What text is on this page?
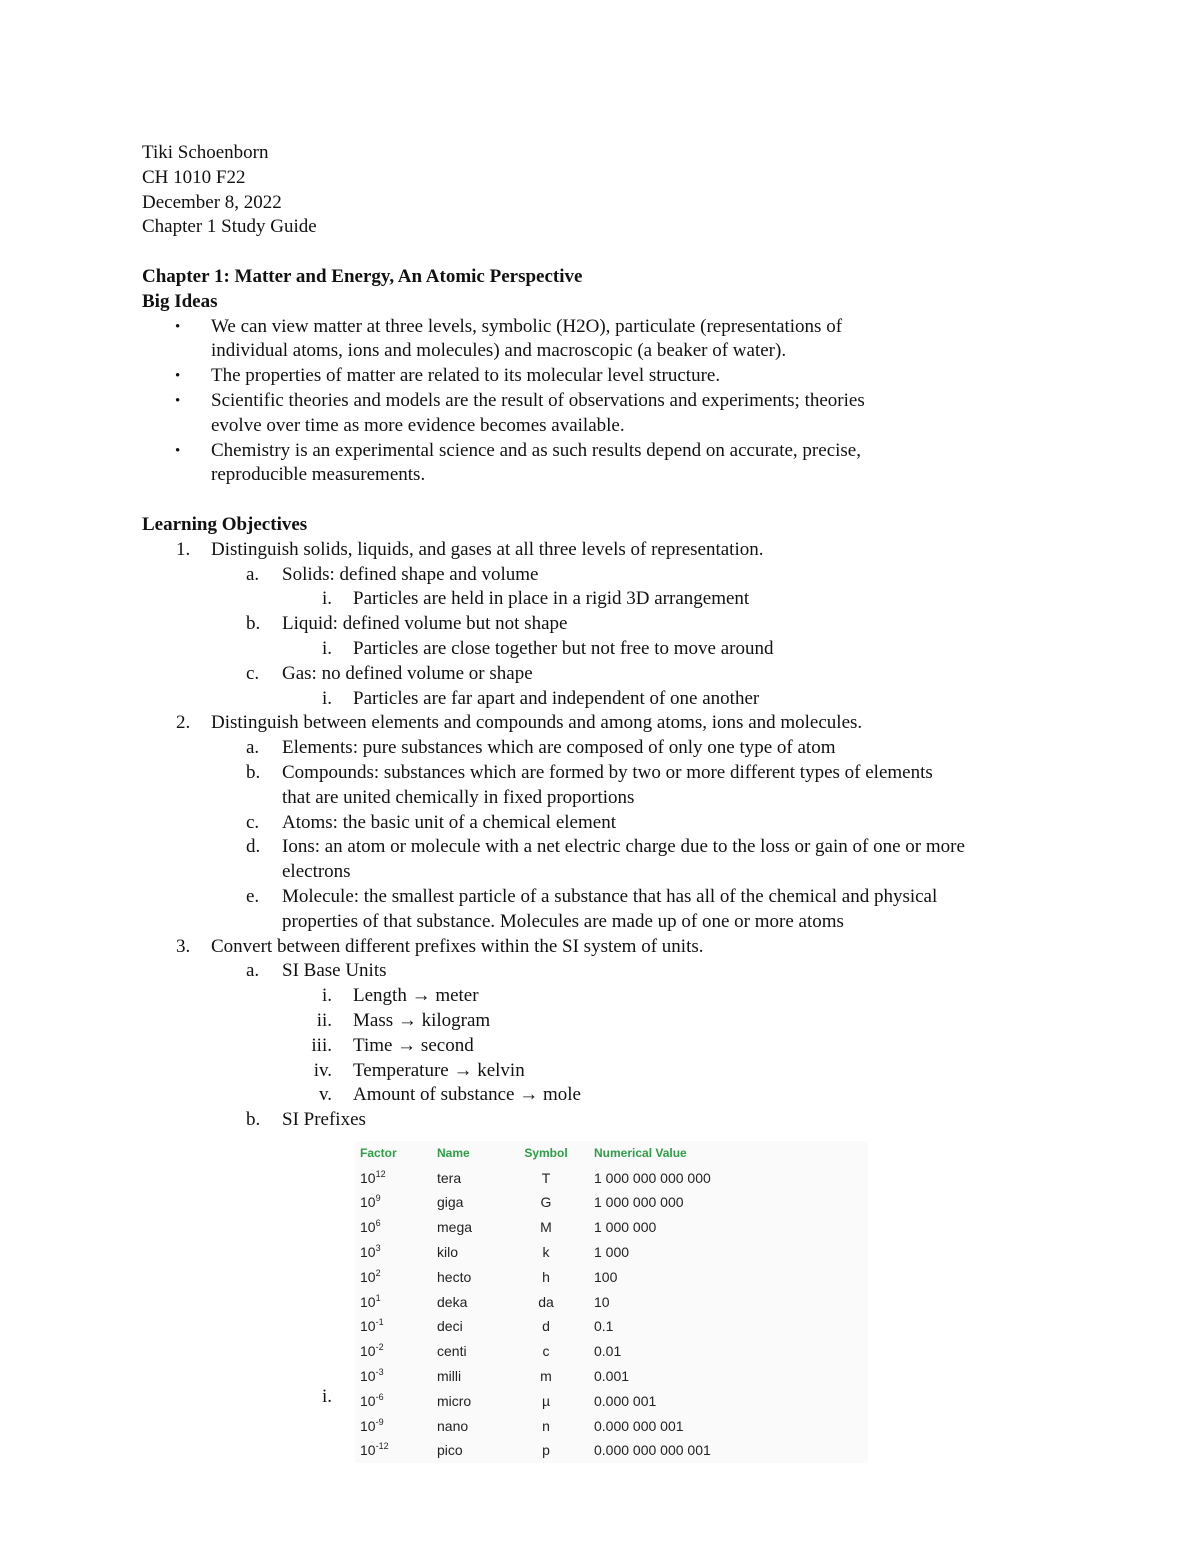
Tiki Schoenborn
CH 1010 F22
December 8, 2022
Chapter 1 Study Guide
Chapter 1: Matter and Energy, An Atomic Perspective
Big Ideas
• We can view matter at three levels, symbolic (H2O), particulate (representations of
individual atoms, ions and molecules) and macroscopic (a beaker of water).
• The properties of matter are related to its molecular level structure.
• Scientific theories and models are the result of observations and experiments; theories
evolve over time as more evidence becomes available.
• Chemistry is an experimental science and as such results depend on accurate, precise,
reproducible measurements.
Learning Objectives
1. Distinguish solids, liquids, and gases at all three levels of representation.
a. Solids: defined shape and volume
i. Particles are held in place in a rigid 3D arrangement
b. Liquid: defined volume but not shape
i. Particles are close together but not free to move around
c. Gas: no defined volume or shape
i. Particles are far apart and independent of one another
2. Distinguish between elements and compounds and among atoms, ions and molecules.
a. Elements: pure substances which are composed of only one type of atom
b. Compounds: substances which are formed by two or more different types of elements
that are united chemically in fixed proportions
c. Atoms: the basic unit of a chemical element
d. Ions: an atom or molecule with a net electric charge due to the loss or gain of one or more
electrons
e. Molecule: the smallest particle of a substance that has all of the chemical and physical
properties of that substance. Molecules are made up of one or more atoms
3. Convert between different prefixes within the SI system of units.
a. SI Base Units
i. Length → meter
ii. Mass → kilogram
iii. Time → second
iv. Temperature → kelvin
v. Amount of substance → mole
b. SI Prefixes
i.
Factor	Name	Symbol	Numerical Value
$10^{12}$	tera	T	1 000 000 000 000
$10^9$	giga	G	1 000 000 000
$10^6$	mega	M	1 000 000
$10^3$	kilo	k	1 000
$10^2$	hecto	h	100
$10^1$	deka	da	10
$10^{-1}$	deci	d	0.1
$10^{-2}$	centi	c	0.01
$10^{-3}$	milli	m	0.001
$10^{-6}$	micro	µ	0.000 001
$10^{-9}$	nano	n	0.000 000 001
$10^{-12}$	pico	p	0.000 000 000 001
